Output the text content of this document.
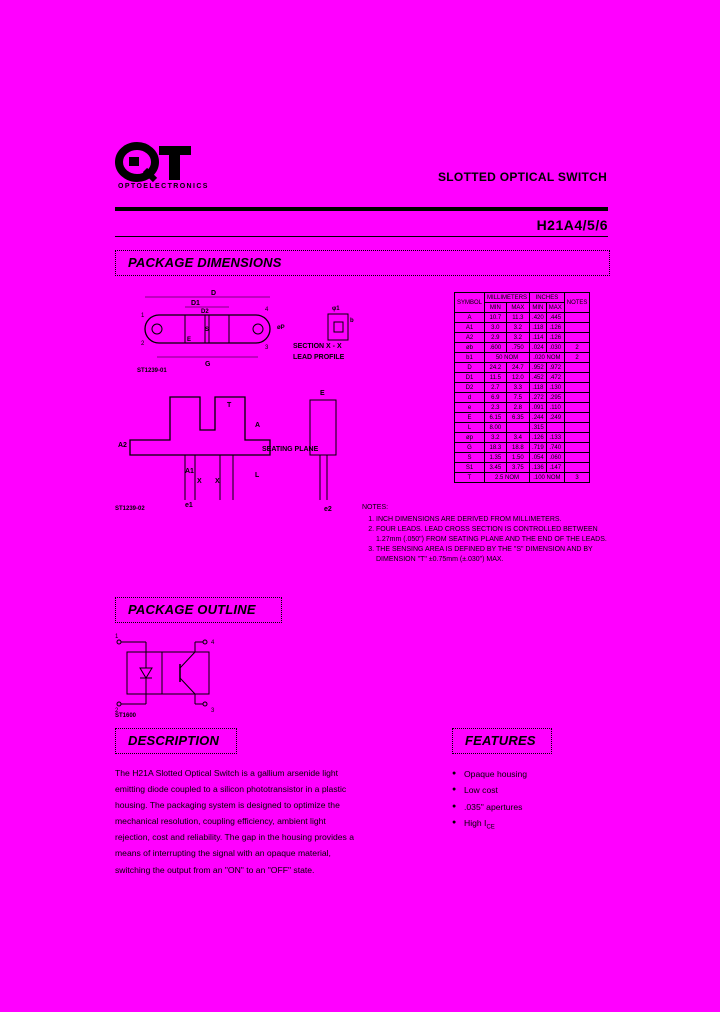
OPTOELECTRONICS
SLOTTED OPTICAL SWITCH
H21A4/5/6
PACKAGE DIMENSIONS
PACKAGE OUTLINE
DESCRIPTION	FEATURES
D
D1
D2
G
E
S	øP
1
2
3
4
ST1239-01
φ1
b
SECTION X - X
LEAD PROFILE
A2
A
A1
L
T
X X
e1
e2
E
SEATING PLANE
ST1239-02
SYMBOL	MILLIMETERS		INCHES		NOTES
	MIN	MAX	MIN	MAX	
A	10.7	11.3	.420	.445	
A1	3.0	3.2	.118	.126	
A2	2.9	3.2	.114	.126	
øb	.600	.750	.024	.030	2
b1	50 NOM		.020 NOM		2
D	24.2	24.7	.952	.972	
D1	11.5	12.0	.452	.472	
D2	2.7	3.3	.118	.130	
d	6.9	7.5	.272	.295	
e	2.3	2.8	.091	.110	
E	6.15	6.35	.244	.249	
L	8.00		.315		
øp	3.2	3.4	.126	.133	
G	18.3	18.8	.719	.740	
S	1.35	1.50	.054	.060	
S1	3.45	3.75	.136	.147	
T	2.5 NOM		.100 NOM		3
NOTES:
1. INCH DIMENSIONS ARE DERIVED FROM MILLIMETERS.
2. FOUR LEADS. LEAD CROSS SECTION IS CONTROLLED BETWEEN 1.27mm (.050") FROM SEATING PLANE AND THE END OF THE LEADS.
3. THE SENSING AREA IS DEFINED BY THE "S" DIMENSION AND BY DIMENSION "T" ±0.75mm (±.030") MAX.
1
2	3
4
ST1600
The H21A Slotted Optical Switch is a gallium arsenide light emitting diode coupled to a silicon phototransistor in a plastic housing. The packaging system is designed to optimize the mechanical resolution, coupling efficiency, ambient light rejection, cost and reliability. The gap in the housing provides a means of interrupting the signal with an opaque material, switching the output from an "ON" to an "OFF" state.
● Opaque housing
● Low cost
● .035" apertures
● High $I_{CE}$
